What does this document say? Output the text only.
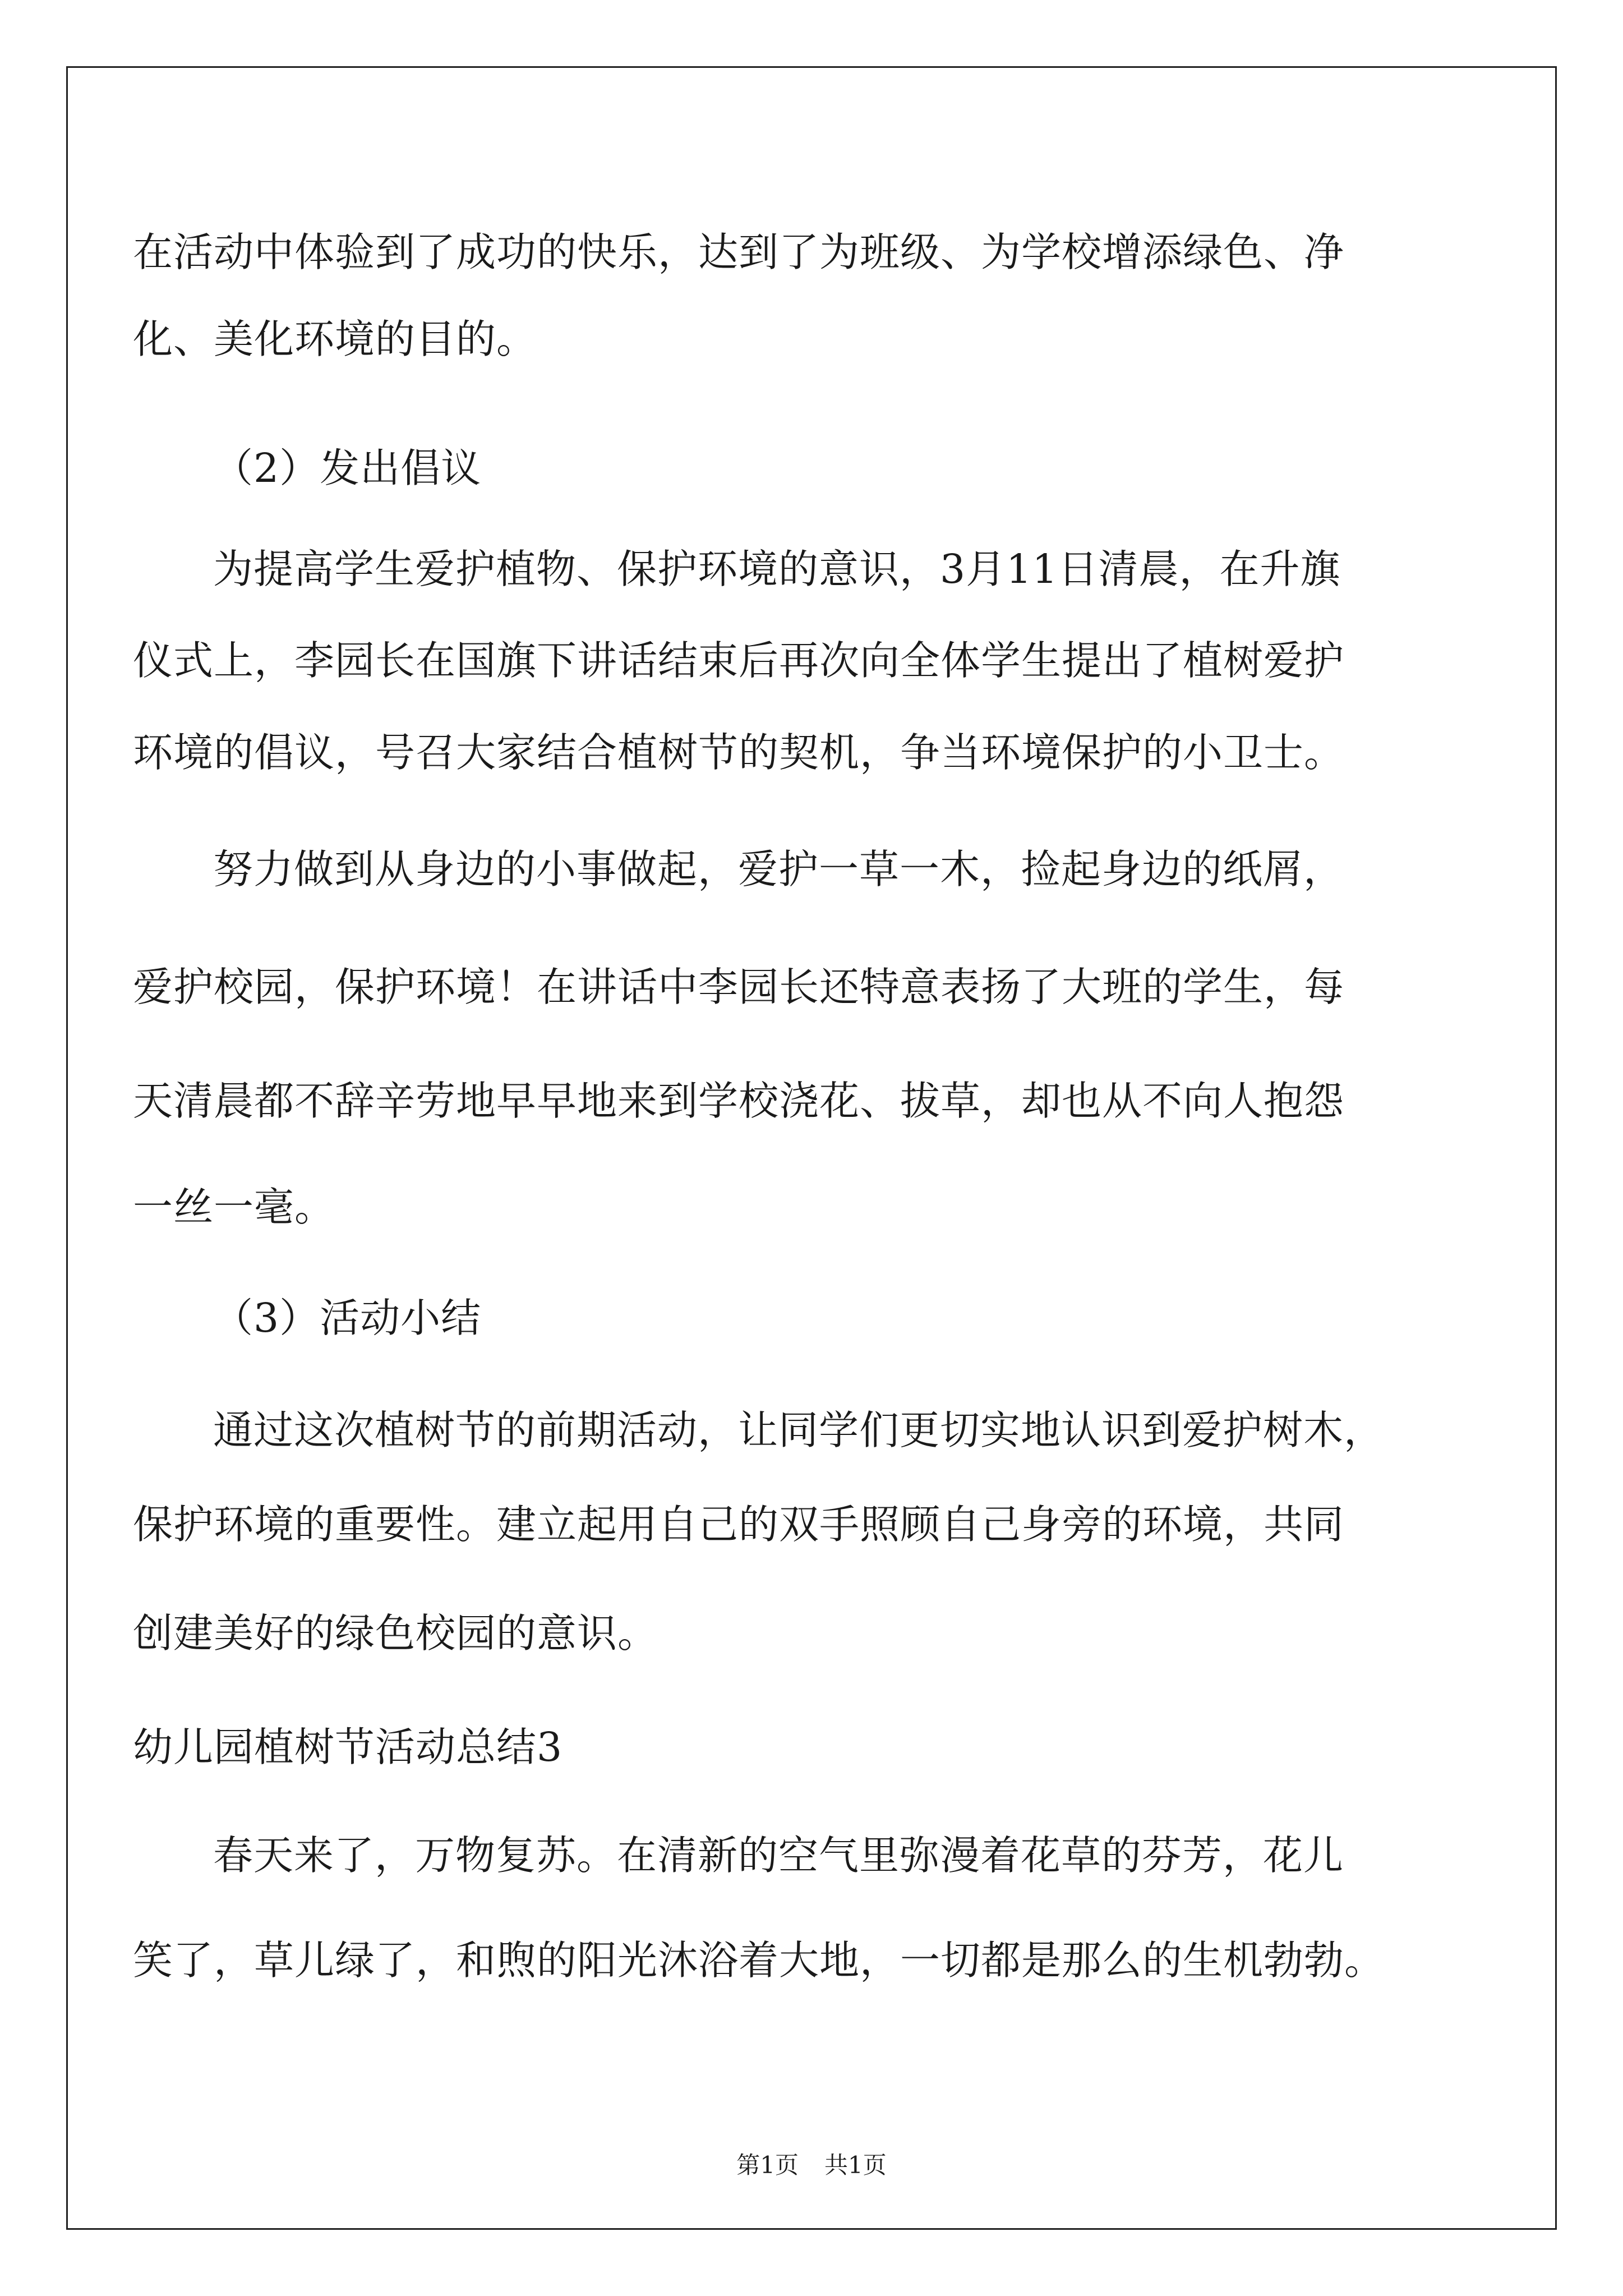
在活动中体验到了成功的快乐，达到了为班级、为学校增添绿色、净
化、美化环境的目的。
（2）发出倡议
为提高学生爱护植物、保护环境的意识，3月11日清晨，在升旗
仪式上，李园长在国旗下讲话结束后再次向全体学生提出了植树爱护
环境的倡议，号召大家结合植树节的契机，争当环境保护的小卫士。
努力做到从身边的小事做起，爱护一草一木，捡起身边的纸屑，
爱护校园，保护环境！在讲话中李园长还特意表扬了大班的学生，每
天清晨都不辞辛劳地早早地来到学校浇花、拔草，却也从不向人抱怨
一丝一毫。
（3）活动小结
通过这次植树节的前期活动，让同学们更切实地认识到爱护树木，
保护环境的重要性。建立起用自己的双手照顾自己身旁的环境，共同
创建美好的绿色校园的意识。
幼儿园植树节活动总结3
春天来了，万物复苏。在清新的空气里弥漫着花草的芬芳，花儿
笑了，草儿绿了，和煦的阳光沐浴着大地，一切都是那么的生机勃勃。
第1页 共1页
